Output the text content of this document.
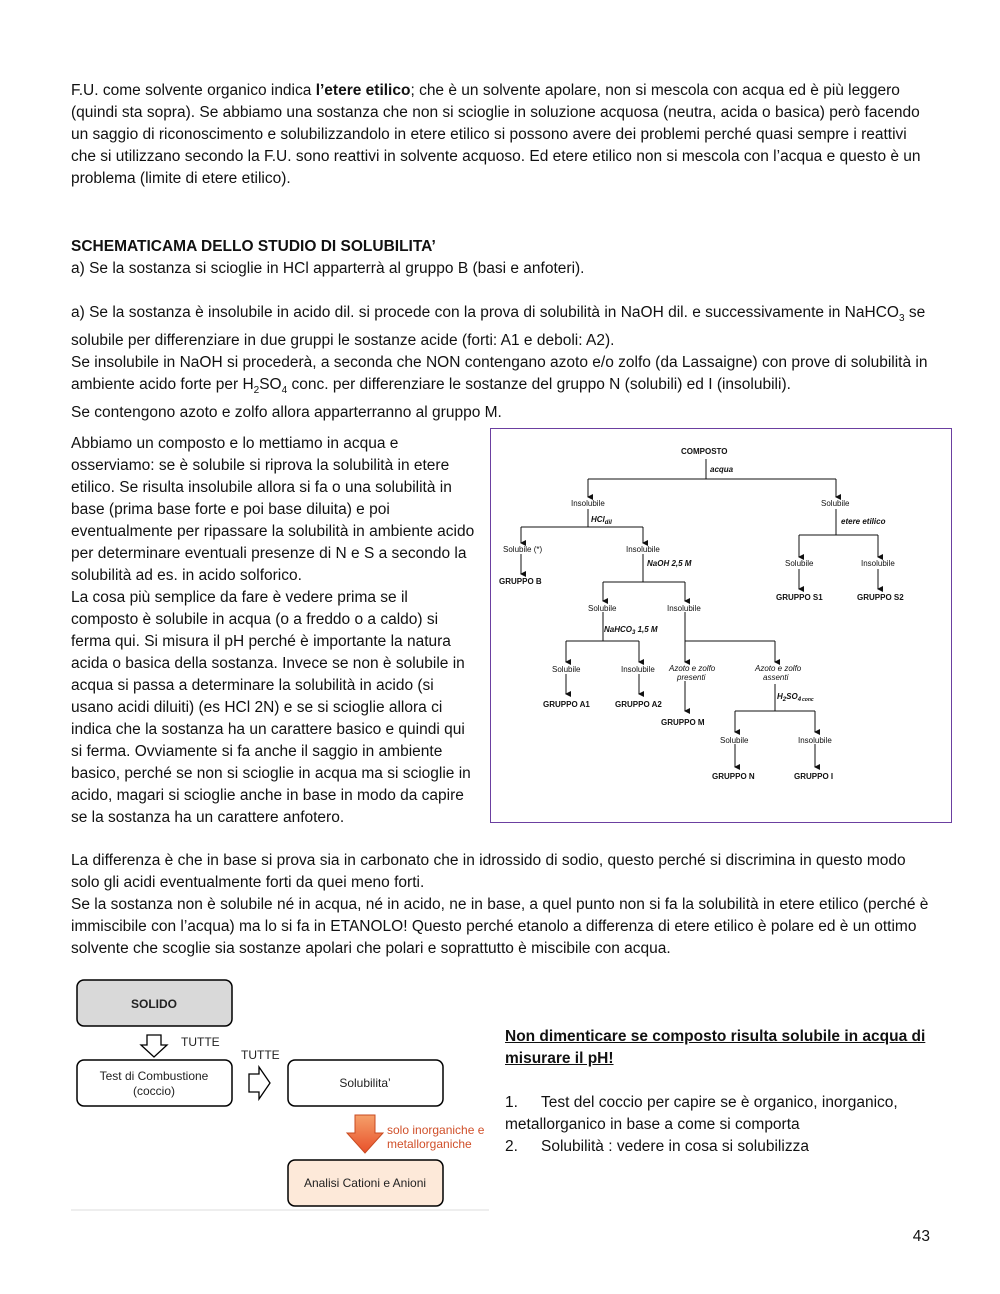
F.U. come solvente organico indica l’etere etilico; che è un solvente apolare, non si mescola con acqua ed è più leggero (quindi sta sopra). Se abbiamo una sostanza che non si scioglie in soluzione acquosa (neutra, acida o basica) però facendo un saggio di riconoscimento e solubilizzandolo in etere etilico si possono avere dei problemi perché quasi sempre i reattivi che si utilizzano secondo la F.U. sono reattivi in solvente acquoso. Ed etere etilico non si mescola con l’acqua e questo è un problema (limite di etere etilico).

SCHEMATICAMA DELLO STUDIO DI SOLUBILITA’

a) Se la sostanza si scioglie in HCl apparterrà al gruppo B (basi e anfoteri).

a) Se la sostanza è insolubile in acido dil. si procede con la prova di solubilità in NaOH dil. e successivamente in NaHCO$_3$ se solubile per differenziare in due gruppi le sostanze acide (forti: A1 e deboli: A2).
Se insolubile in NaOH si procederà, a seconda che NON contengano azoto e/o zolfo (da Lassaigne) con prove di solubilità in ambiente acido forte per $H_2SO_4$ conc. per differenziare le sostanze del gruppo N (solubili) ed I (insolubili).
Se contengono azoto e zolfo allora apparterranno al gruppo M.

Abbiamo un composto e lo mettiamo in acqua e osserviamo: se è solubile si riprova la solubilità in etere etilico. Se risulta insolubile allora si fa o una solubilità in base (prima base forte e poi base diluita) e poi eventualmente per ripassare la solubilità in ambiente acido per determinare eventuali presenze di N e S a secondo la solubilità ad es. in acido solforico.
La cosa più semplice da fare è vedere prima se il composto è solubile in acqua (o a freddo o a caldo) si ferma qui. Si misura il pH perché è importante la natura acida o basica della sostanza. Invece se non è solubile in acqua si passa a determinare la solubilità in acido (si usano acidi diluiti) (es HCl 2N) e se si scioglie allora ci indica che la sostanza ha un carattere basico e quindi qui si ferma. Ovviamente si fa anche il saggio in ambiente basico, perché se non si scioglie in acqua ma si scioglie in acido, magari si scioglie anche in base in modo da capire se la sostanza ha un carattere anfotero.

COMPOSTO
acqua
Insolubile	Solubile
HCl$_{dil}$	etere etilico
Solubile (*)	Insolubile
GRUPPO B
NaOH 2,5 M	Solubile	Insolubile
GRUPPO S1	GRUPPO S2
Solubile	Insolubile
NaHCO$_3$ 1,5 M
Solubile	Insolubile Azoto e zolfo
presenti
Azoto e zolfo
assenti
$H_2SO_4conc$
GRUPPO A1	GRUPPO A2
GRUPPO M
Solubile	Insolubile
GRUPPO N	GRUPPO I

La differenza è che in base si prova sia in carbonato che in idrossido di sodio, questo perché si discrimina in questo modo solo gli acidi eventualmente forti da quei meno forti.
Se la sostanza non è solubile né in acqua, né in acido, ne in base, a quel punto non si fa la solubilità in etere etilico (perché è immiscibile con l’acqua) ma lo si fa in ETANOLO! Questo perché etanolo a differenza di etere etilico è polare ed è un ottimo solvente che scoglie sia sostanze apolari che polari e soprattutto è miscibile con acqua.

SOLIDO
TUTTE
Test di Combustione
(coccio)
TUTTE
Solubilita’
solo inorganiche e
metallorganiche
Analisi Cationi e Anioni

Non dimenticare se composto risulta solubile in acqua di misurare il pH!

1. Test del coccio per capire se è organico, inorganico, metallorganico in base a come si comporta
2. Solubilità : vedere in cosa si solubilizza
43
